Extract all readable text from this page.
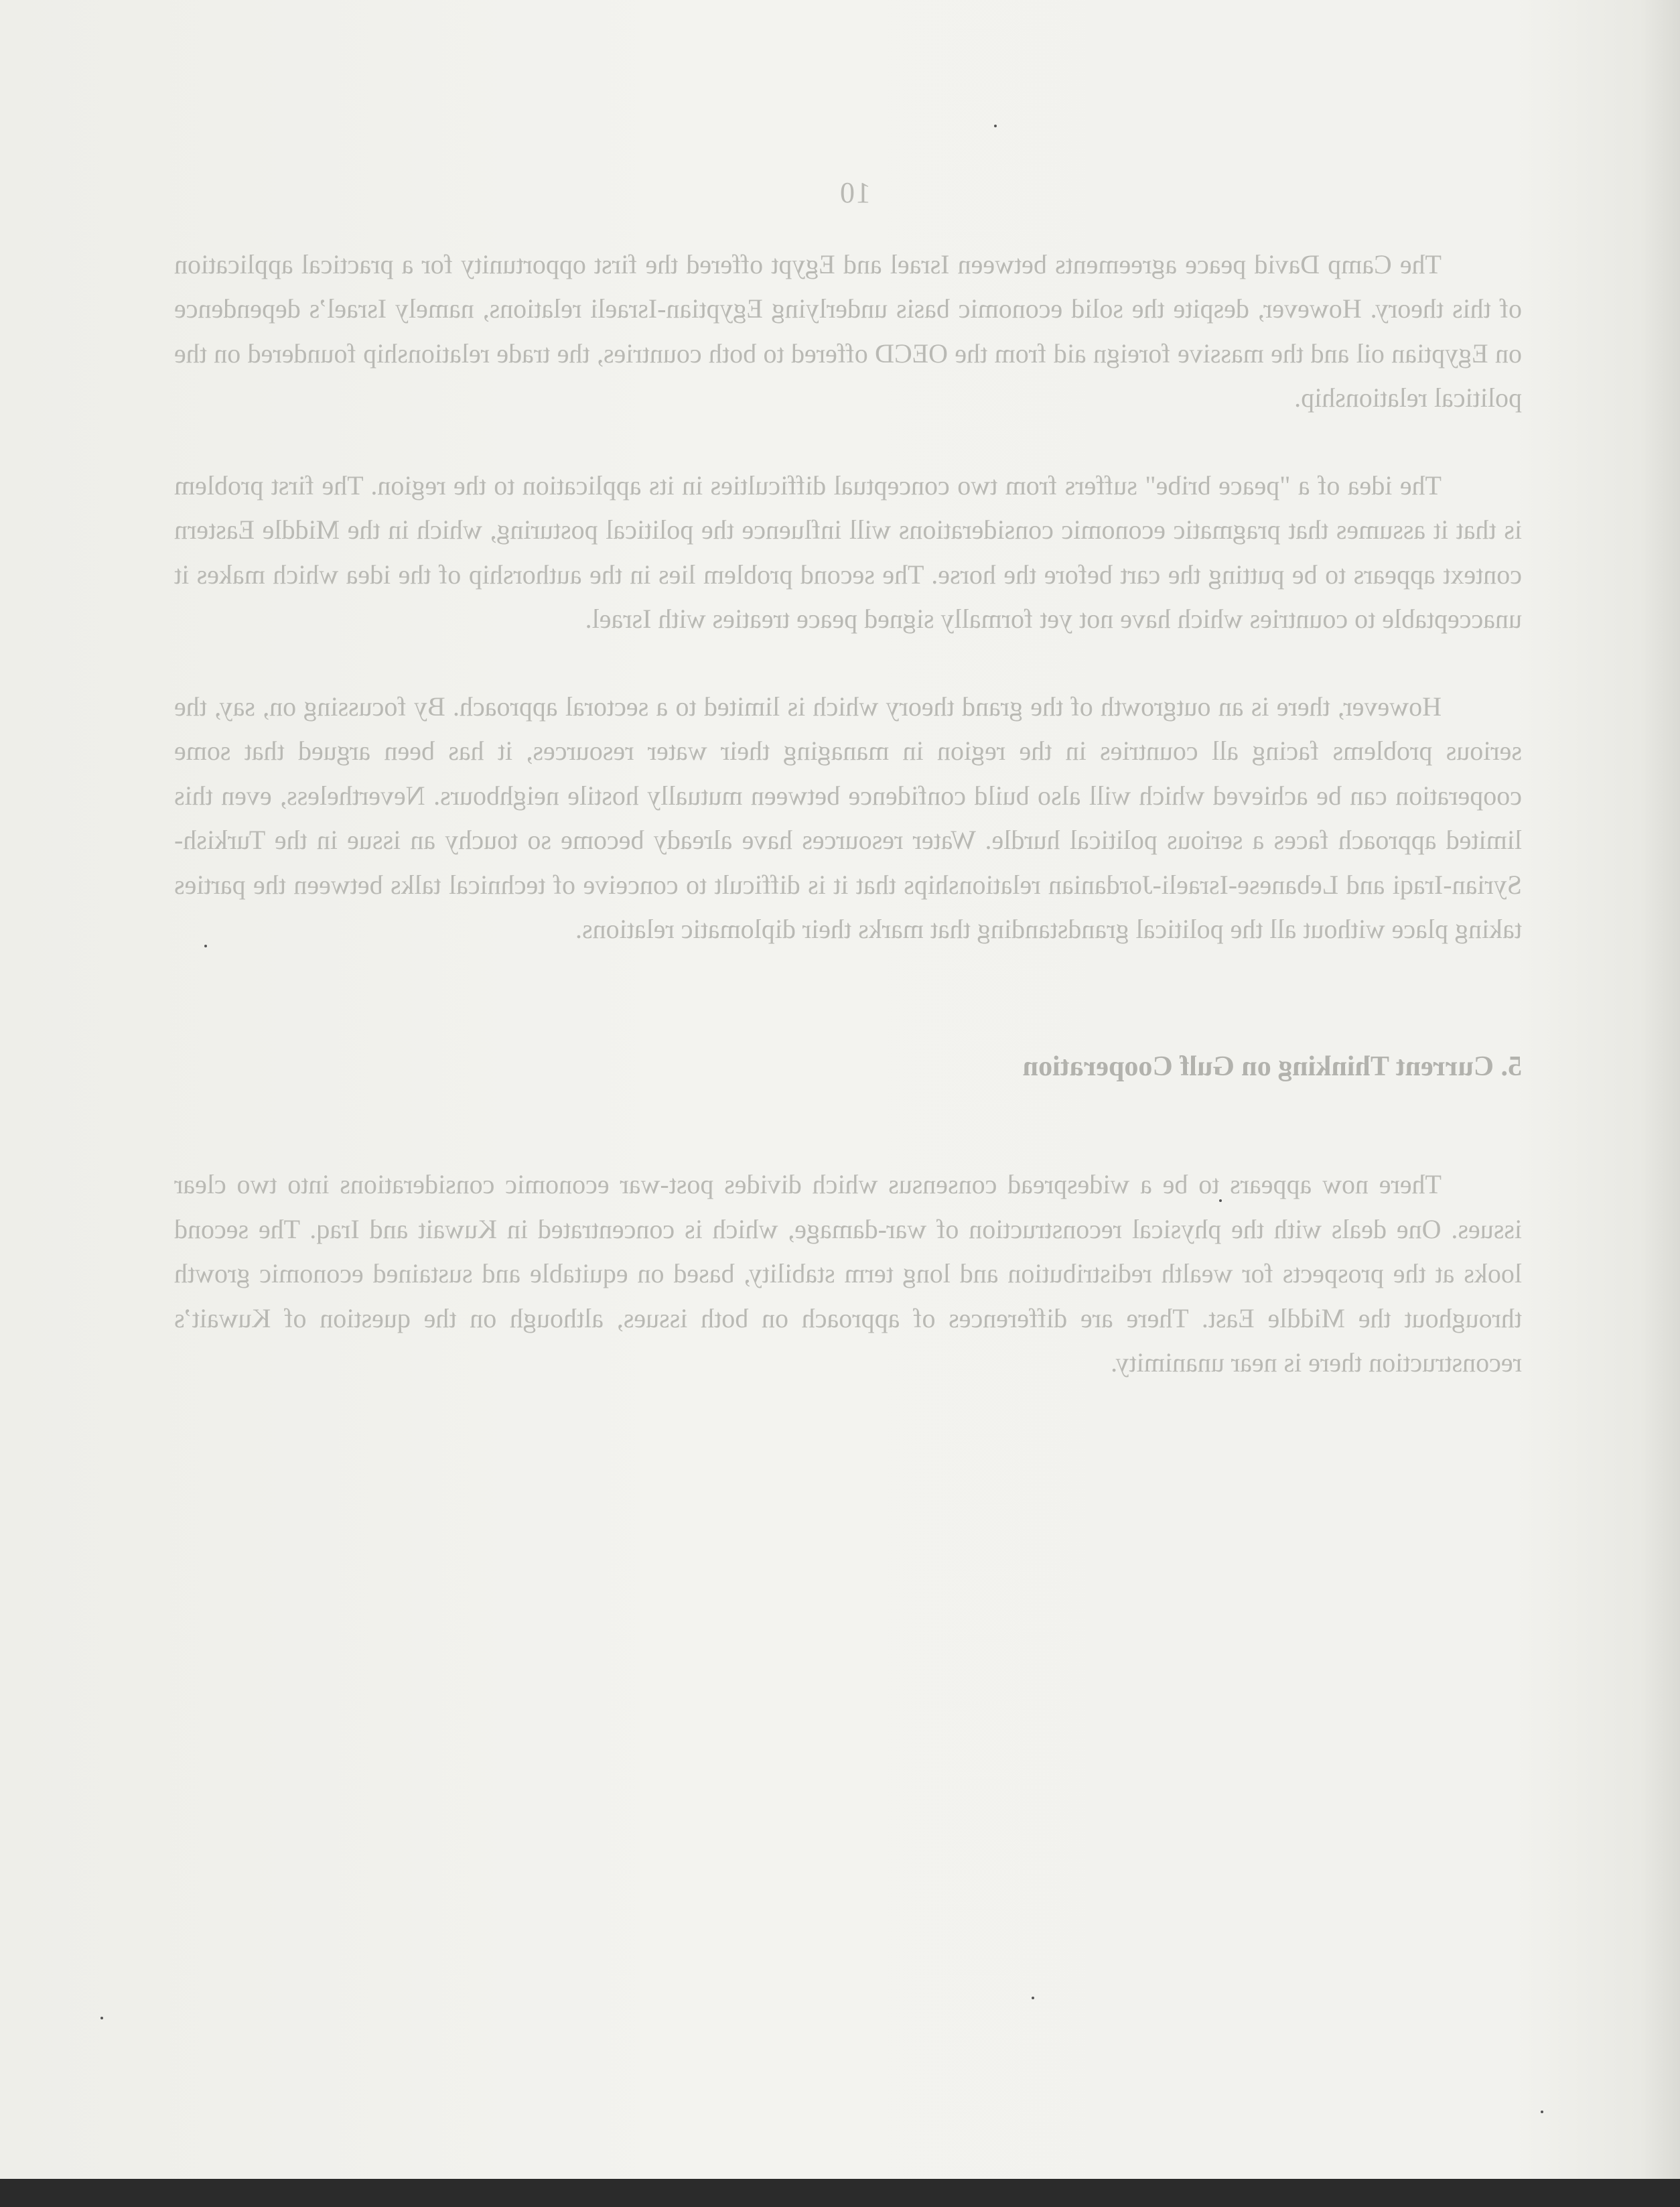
10

The Camp David peace agreements between Israel and Egypt offered the first opportunity for a practical application of this theory. However, despite the solid economic basis underlying Egyptian-Israeli relations, namely Israel’s dependence on Egyptian oil and the massive foreign aid from the OECD offered to both countries, the trade relationship foundered on the political relationship.

The idea of a "peace bribe" suffers from two conceptual difficulties in its application to the region. The first problem is that it assumes that pragmatic economic considerations will influence the political posturing, which in the Middle Eastern context appears to be putting the cart before the horse. The second problem lies in the authorship of the idea which makes it unacceptable to countries which have not yet formally signed peace treaties with Israel.

However, there is an outgrowth of the grand theory which is limited to a sectoral approach. By focussing on, say, the serious problems facing all countries in the region in managing their water resources, it has been argued that some cooperation can be achieved which will also build confidence between mutually hostile neighbours. Nevertheless, even this limited approach faces a serious political hurdle. Water resources have already become so touchy an issue in the Turkish-Syrian-Iraqi and Lebanese-Israeli-Jordanian relationships that it is difficult to conceive of technical talks between the parties taking place without all the political grandstanding that marks their diplomatic relations.

5. Current Thinking on Gulf Cooperation

There now appears to be a widespread consensus which divides post-war economic considerations into two clear issues. One deals with the physical reconstruction of war-damage, which is concentrated in Kuwait and Iraq. The second looks at the prospects for wealth redistribution and long term stability, based on equitable and sustained economic growth throughout the Middle East. There are differences of approach on both issues, although on the question of Kuwait’s reconstruction there is near unanimity.
